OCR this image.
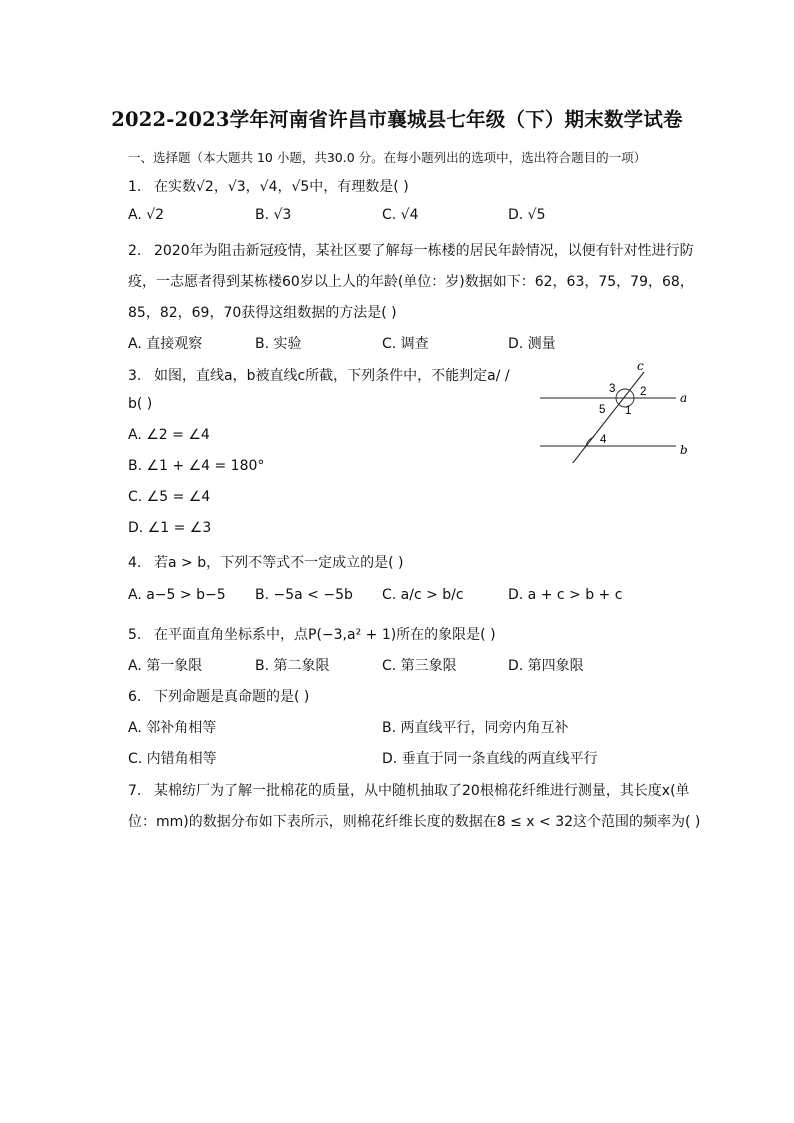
2022-2023学年河南省许昌市襄城县七年级（下）期末数学试卷
一、选择题（本大题共 10 小题，共30.0 分。在每小题列出的选项中，选出符合题目的一项）
1. 在实数√2，√3，√4，√5中，有理数是( )
A. √2	B. √3	C. √4	D. √5
2. 2020年为阻击新冠疫情，某社区要了解每一栋楼的居民年龄情况，以便有针对性进行防
疫，一志愿者得到某栋楼60岁以上人的年龄(单位：岁)数据如下：62，63，75，79，68，
85，82，69，70获得这组数据的方法是( )
A. 直接观察	B. 实验	C. 调查	D. 测量
3. 如图，直线a，b被直线c所截，下列条件中，不能判定a/ /
b( )
A. ∠2 = ∠4
B. ∠1 + ∠4 = 180°
C. ∠5 = ∠4
D. ∠1 = ∠3
c
a
b
3 2
5 1
4
4. 若a > b，下列不等式不一定成立的是( )
A. a−5 > b−5 B. −5a < −5b C. a/c > b/c	D. a + c > b + c
5. 在平面直角坐标系中，点P(−3,a² + 1)所在的象限是( )
A. 第一象限	B. 第二象限	C. 第三象限	D. 第四象限
6. 下列命题是真命题的是( )
A. 邻补角相等	B. 两直线平行，同旁内角互补
C. 内错角相等	D. 垂直于同一条直线的两直线平行
7. 某棉纺厂为了解一批棉花的质量，从中随机抽取了20根棉花纤维进行测量，其长度x(单
位：mm)的数据分布如下表所示，则棉花纤维长度的数据在8 ≤ x < 32这个范围的频率为( )
